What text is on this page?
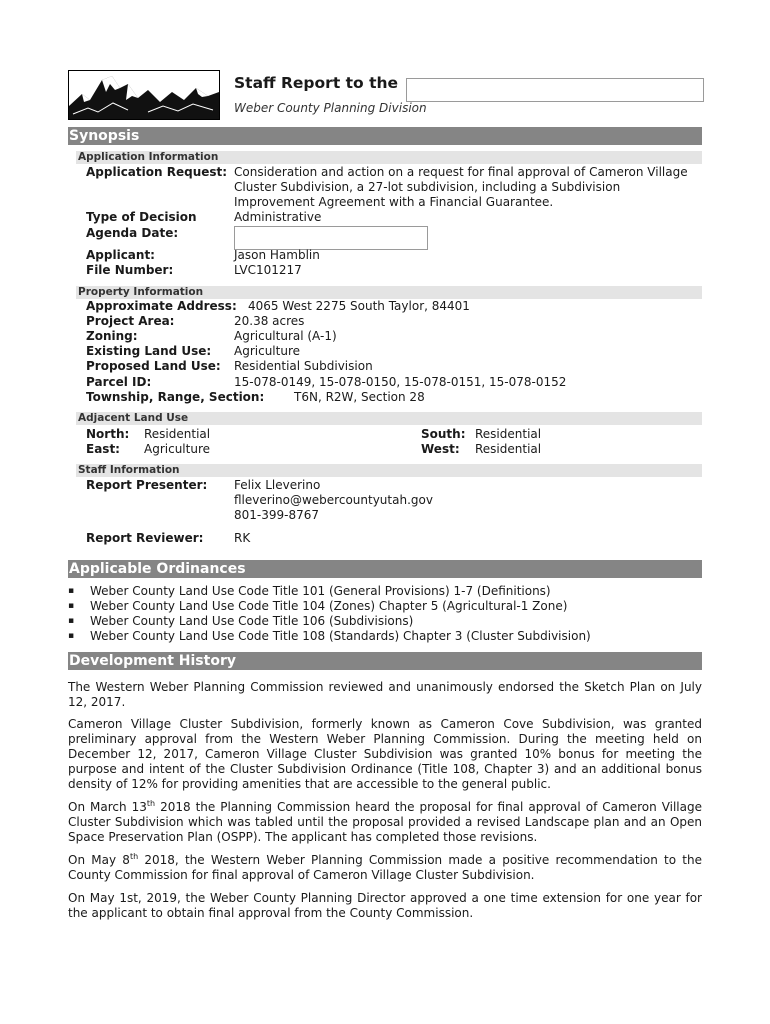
Staff Report to the
Weber County Planning Division
Synopsis
Application Information
Application Request: Consideration and action on a request for final approval of Cameron Village Cluster Subdivision, a 27-lot subdivision, including a Subdivision Improvement Agreement with a Financial Guarantee.
Type of Decision	Administrative
Agenda Date:
Applicant:	Jason Hamblin
File Number:	LVC101217
Property Information
Approximate Address: 4065 West 2275 South Taylor, 84401
Project Area:	20.38 acres
Zoning:	Agricultural (A-1)
Existing Land Use: Agriculture
Proposed Land Use: Residential Subdivision
Parcel ID:	15-078-0149, 15-078-0150, 15-078-0151, 15-078-0152
Township, Range, Section: T6N, R2W, Section 28
Adjacent Land Use
North: Residential	South: Residential
East: Agriculture	West: Residential
Staff Information
Report Presenter: Felix Lleverino
flleverino@webercountyutah.gov
801-399-8767
Report Reviewer:	RK
Applicable Ordinances
▪ Weber County Land Use Code Title 101 (General Provisions) 1-7 (Definitions)
▪ Weber County Land Use Code Title 104 (Zones) Chapter 5 (Agricultural-1 Zone)
▪ Weber County Land Use Code Title 106 (Subdivisions)
▪ Weber County Land Use Code Title 108 (Standards) Chapter 3 (Cluster Subdivision)
Development History

The Western Weber Planning Commission reviewed and unanimously endorsed the Sketch Plan on July 12, 2017.

Cameron Village Cluster Subdivision, formerly known as Cameron Cove Subdivision, was granted preliminary approval from the Western Weber Planning Commission. During the meeting held on December 12, 2017, Cameron Village Cluster Subdivision was granted 10% bonus for meeting the purpose and intent of the Cluster Subdivision Ordinance (Title 108, Chapter 3) and an additional bonus density of 12% for providing amenities that are accessible to the general public.

On March 13th 2018 the Planning Commission heard the proposal for final approval of Cameron Village Cluster Subdivision which was tabled until the proposal provided a revised Landscape plan and an Open Space Preservation Plan (OSPP). The applicant has completed those revisions.

On May 8th 2018, the Western Weber Planning Commission made a positive recommendation to the County Commission for final approval of Cameron Village Cluster Subdivision.

On May 1st, 2019, the Weber County Planning Director approved a one time extension for one year for the applicant to obtain final approval from the County Commission.
